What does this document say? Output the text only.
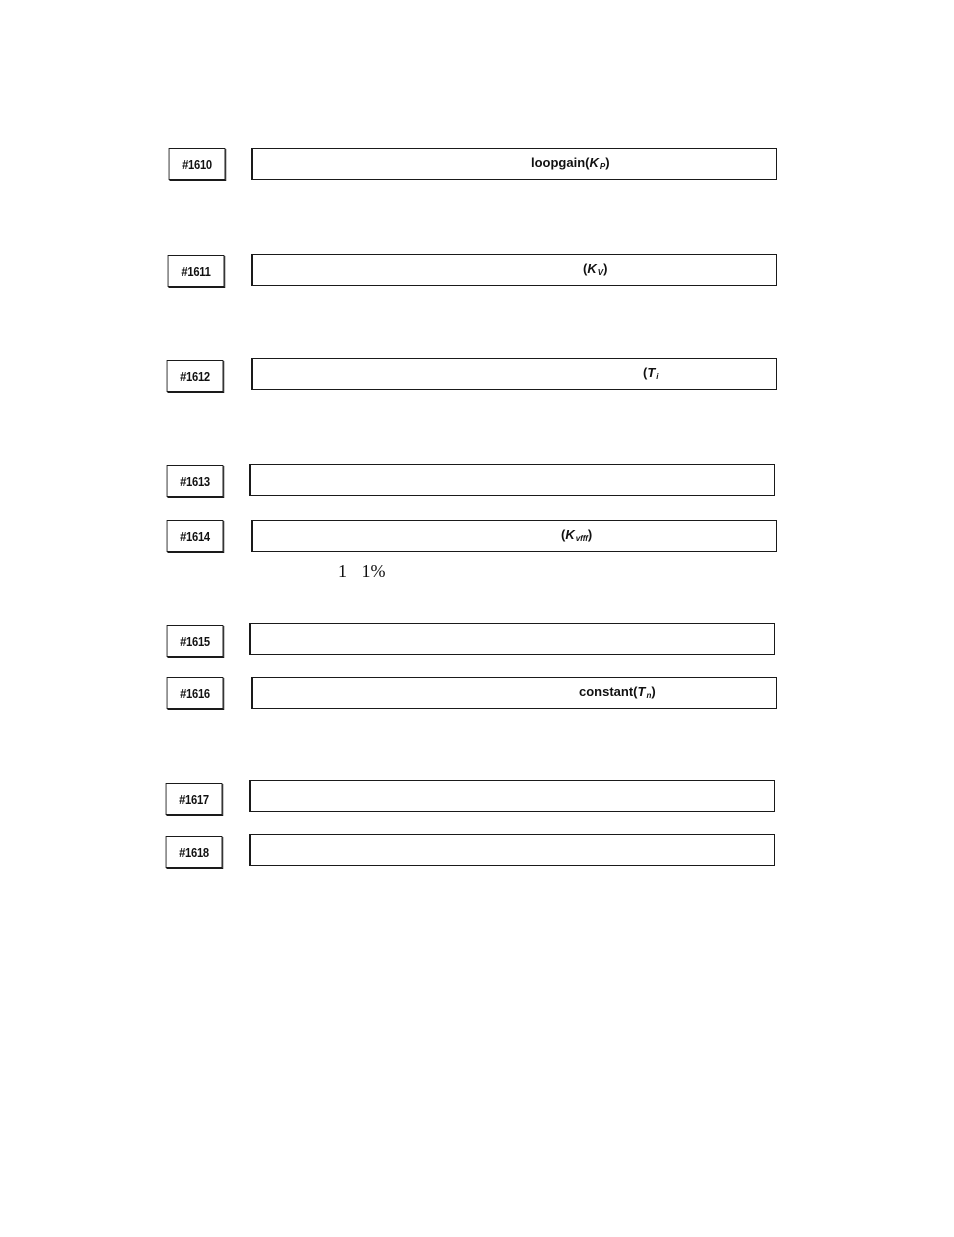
#1610	$loopgain(K_P)$
#1611	$(K_V)$
#1612	($T_i$
#1613
#1614	$(K_{vfff})$
1 1%
#1615
#1616	$constant(T_n)$
#1617
#1618
